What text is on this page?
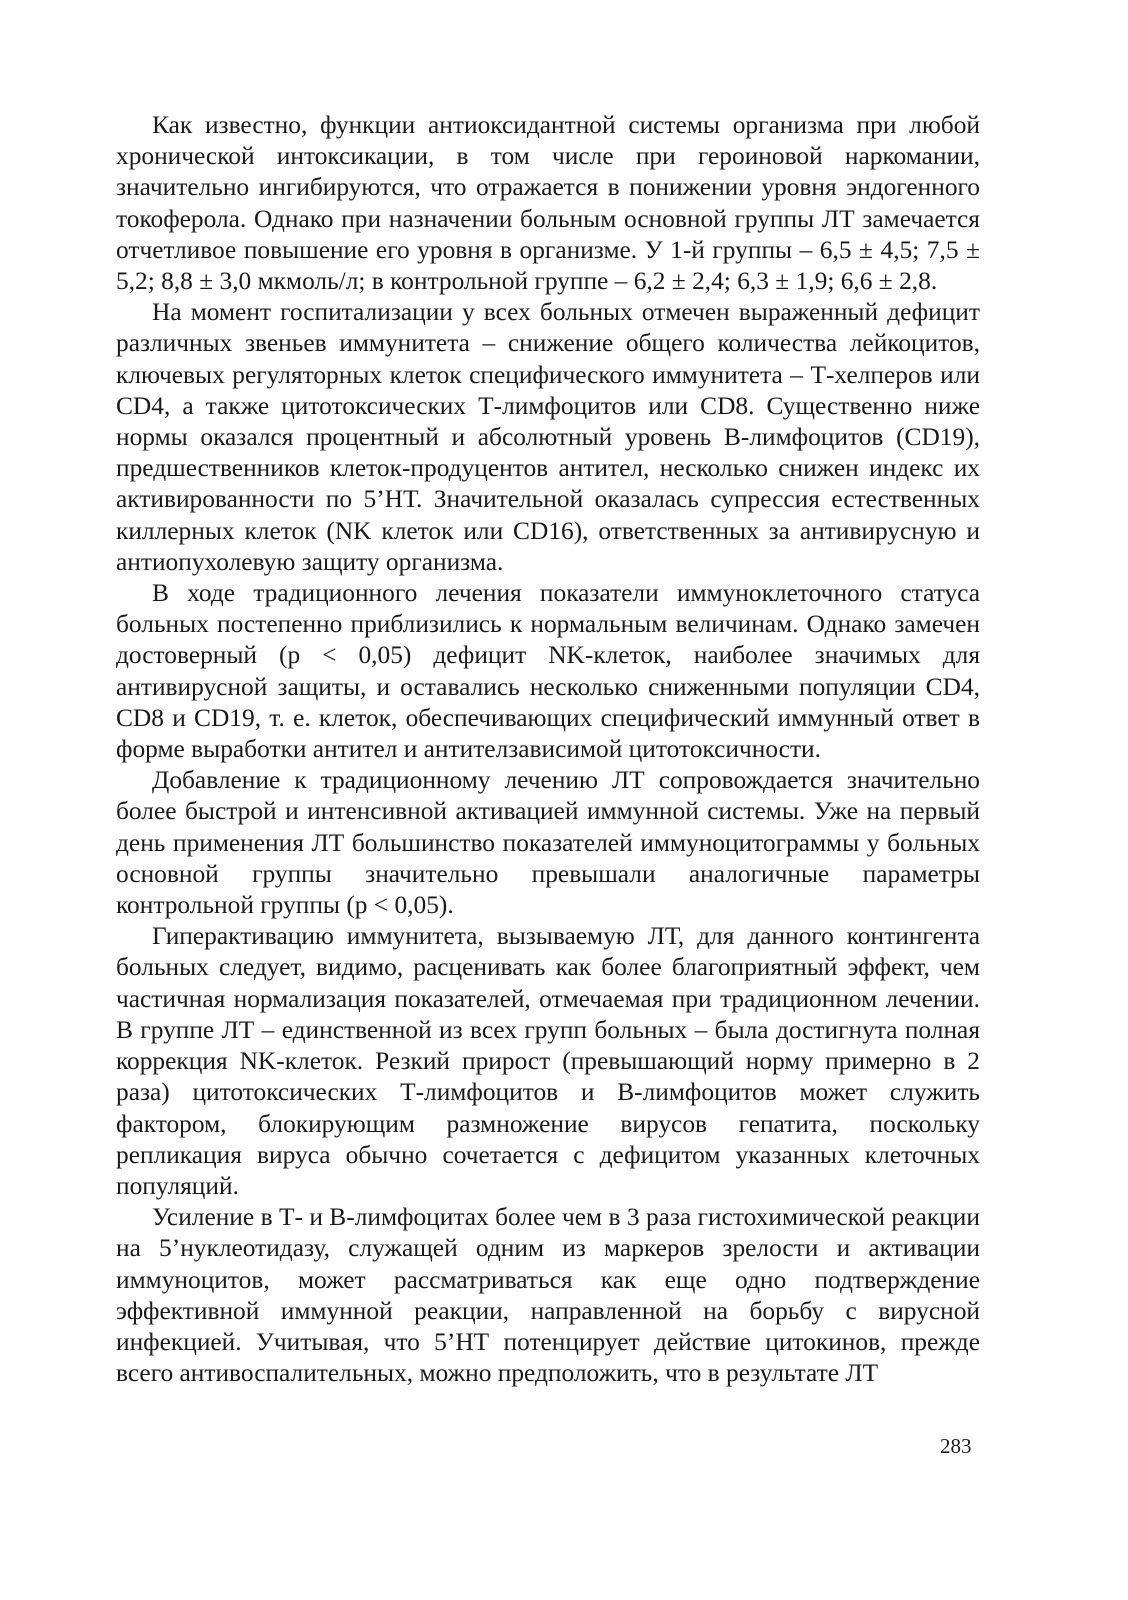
Как известно, функции антиоксидантной системы организма при любой хронической интоксикации, в том числе при героиновой наркомании, значительно ингибируются, что отражается в понижении уровня эндогенного токоферола. Однако при назначении больным основной группы ЛТ замечается отчетливое повышение его уровня в организме. У 1-й группы – 6,5 ± 4,5; 7,5 ± 5,2; 8,8 ± 3,0 мкмоль/л; в контрольной группе – 6,2 ± 2,4; 6,3 ± 1,9; 6,6 ± 2,8.

На момент госпитализации у всех больных отмечен выраженный дефицит различных звеньев иммунитета – снижение общего количества лейкоцитов, ключевых регуляторных клеток специфического иммунитета – Т-хелперов или CD4, а также цитотоксических Т-лимфоцитов или CD8. Существенно ниже нормы оказался процентный и абсолютный уровень В-лимфоцитов (CD19), предшественников клеток-продуцентов антител, несколько снижен индекс их активированности по 5’НТ. Значительной оказалась супрессия естественных киллерных клеток (NK клеток или CD16), ответственных за антивирусную и антиопухолевую защиту организма.

В ходе традиционного лечения показатели иммуноклеточного статуса больных постепенно приблизились к нормальным величинам. Однако замечен достоверный (р < 0,05) дефицит NK-клеток, наиболее значимых для антивирусной защиты, и оставались несколько сниженными популяции CD4, CD8 и CD19, т. е. клеток, обеспечивающих специфический иммунный ответ в форме выработки антител и антителзависимой цитотоксичности.

Добавление к традиционному лечению ЛТ сопровождается значительно более быстрой и интенсивной активацией иммунной системы. Уже на первый день применения ЛТ большинство показателей иммуноцитограммы у больных основной группы значительно превышали аналогичные параметры контрольной группы (р < 0,05).

Гиперактивацию иммунитета, вызываемую ЛТ, для данного контингента больных следует, видимо, расценивать как более благоприятный эффект, чем частичная нормализация показателей, отмечаемая при традиционном лечении. В группе ЛТ – единственной из всех групп больных – была достигнута полная коррекция NK-клеток. Резкий прирост (превышающий норму примерно в 2 раза) цитотоксических Т-лимфоцитов и В-лимфоцитов может служить фактором, блокирующим размножение вирусов гепатита, поскольку репликация вируса обычно сочетается с дефицитом указанных клеточных популяций.

Усиление в Т- и В-лимфоцитах более чем в 3 раза гистохимической реакции на 5’нуклеотидазу, служащей одним из маркеров зрелости и активации иммуноцитов, может рассматриваться как еще одно подтверждение эффективной иммунной реакции, направленной на борьбу с вирусной инфекцией. Учитывая, что 5’НТ потенцирует действие цитокинов, прежде всего антивоспалительных, можно предположить, что в результате ЛТ

283
